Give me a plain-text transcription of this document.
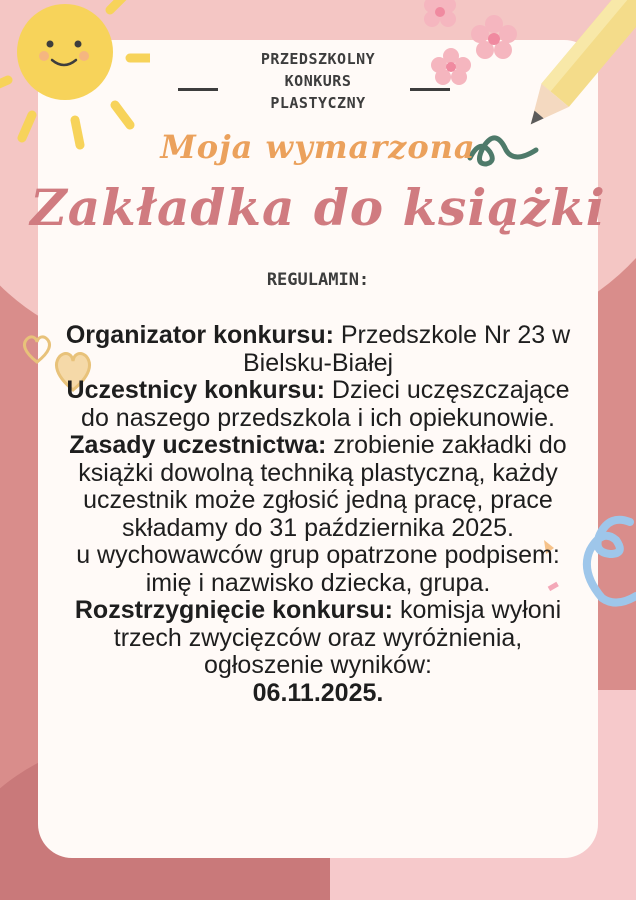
PRZEDSZKOLNY
KONKURS
PLASTYCZNY
Moja wymarzona
Zakładka do książki
REGULAMIN:
Organizator konkursu: Przedszkole Nr 23 w Bielsku-Białej
Uczestnicy konkursu: Dzieci uczęszczające do naszego przedszkola i ich opiekunowie.
Zasady uczestnictwa: zrobienie zakładki do książki dowolną techniką plastyczną, każdy uczestnik może zgłosić jedną pracę, prace składamy do 31 października 2025.
u wychowawców grup opatrzone podpisem:
imię i nazwisko dziecka, grupa.
Rozstrzygnięcie konkursu: komisja wyłoni trzech zwycięzców oraz wyróżnienia, ogłoszenie wyników:
06.11.2025.
